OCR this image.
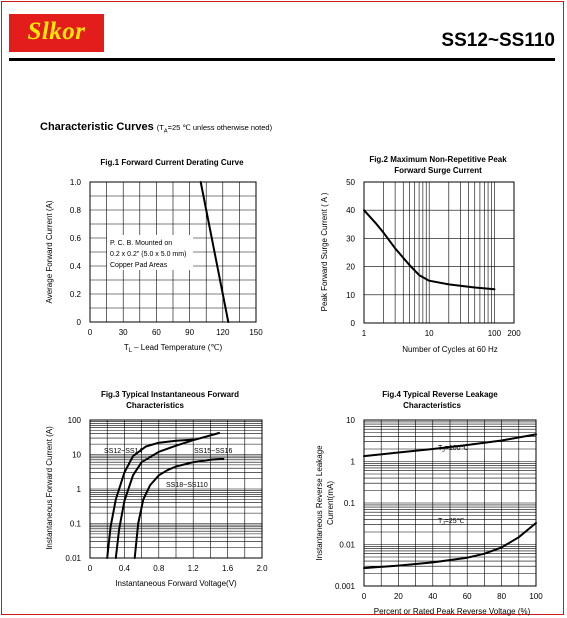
Slkor	SS12~SS110
Characteristic Curves ($T_A=25$ ℃ unless otherwise noted)
Fig.1 Forward Current Derating Curve
0	30	60	90	120 150
0
0.2
0.4
0.6
0.8
1.0
$T_L$ – Lead Temperature (℃)
Average Forward Current (A)	P. C. B. Mounted on
0.2 x 0.2" (5.0 x 5.0 mm)
Copper Pad Areas
Fig.2 Maximum Non-Repetitive Peak
Forward Surge Current
1	10	100 200
0
10
20
30
40
50
Number of Cycles at 60 Hz
Peak Forward Surge Current ( A )
Fig.3 Typical Instantaneous Forward
Characteristics
0	0.4	0.8	1.2	1.6	2.0
0.01
0.1
1
10
100
Instantaneous Forward Voltage(V)
Instantaneous Forward Current (A)	SS12~SS14	SS15~SS16
SS18~SS110
Fig.4 Typical Reverse Leakage
Characteristics
0	20	40	60	80	100
0.001
0.01
0.1
1
10
Percent or Rated Peak Reverse Voltage (%)
Instantaneous Reverse Leakage Current(mA)
$T_J=100℃$
$T_J=25℃$
